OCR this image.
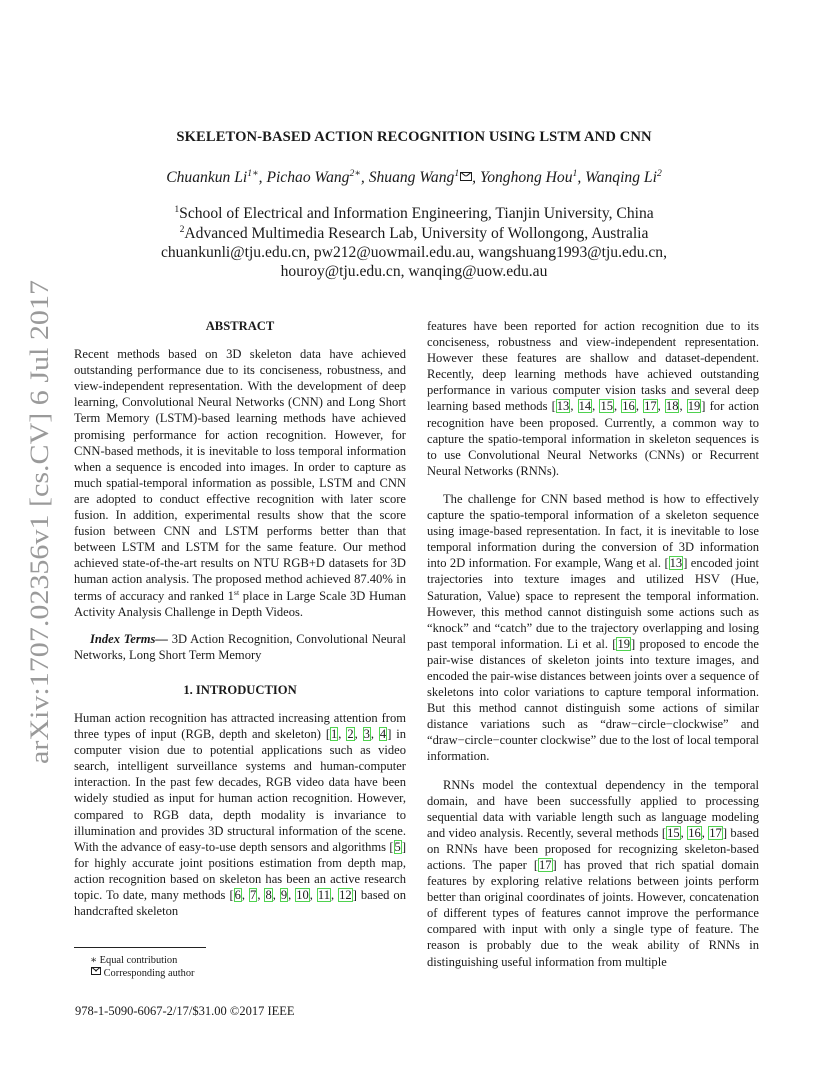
arXiv:1707.02356v1 [cs.CV] 6 Jul 2017
SKELETON-BASED ACTION RECOGNITION USING LSTM AND CNN
Chuankun $Li^{1∗}$, Pichao Wang$^{2∗}$, Shuang Wang$^1$ , Yonghong Hou$^1$, Wanqing Li$^2$
$^1$School of Electrical and Information Engineering, Tianjin University, China
$^2$Advanced Multimedia Research Lab, University of Wollongong, Australia
chuankunli@tju.edu.cn, pw212@uowmail.edu.au, wangshuang1993@tju.edu.cn,
houroy@tju.edu.cn, wanqing@uow.edu.au
ABSTRACT

Recent methods based on 3D skeleton data have achieved outstanding performance due to its conciseness, robustness, and view-independent representation. With the development of deep learning, Convolutional Neural Networks (CNN) and Long Short Term Memory (LSTM)-based learning methods have achieved promising performance for action recognition. However, for CNN-based methods, it is inevitable to loss temporal information when a sequence is encoded into images. In order to capture as much spatial-temporal information as possible, LSTM and CNN are adopted to conduct effective recognition with later score fusion. In addition, experimental results show that the score fusion between CNN and LSTM performs better than that between LSTM and LSTM for the same feature. Our method achieved state-of-the-art results on NTU RGB+D datasets for 3D human action analysis. The proposed method achieved 87.40% in terms of accuracy and ranked 1st place in Large Scale 3D Human Activity Analysis Challenge in Depth Videos.

Index Terms— 3D Action Recognition, Convolutional Neural Networks, Long Short Term Memory

1. INTRODUCTION

Human action recognition has attracted increasing attention from three types of input (RGB, depth and skeleton) [1, 2, 3, 4] in computer vision due to potential applications such as video search, intelligent surveillance systems and human-computer interaction. In the past few decades, RGB video data have been widely studied as input for human action recognition. However, compared to RGB data, depth modality is invariance to illumination and provides 3D structural information of the scene. With the advance of easy-to-use depth sensors and algorithms [5] for highly accurate joint positions estimation from depth map, action recognition based on skeleton has been an active research topic. To date, many methods [6, 7, 8, 9, 10, 11, 12] based on handcrafted skeleton

∗ Equal contribution
Corresponding author
978-1-5090-6067-2/17/$31.00 ©2017 IEEE

features have been reported for action recognition due to its conciseness, robustness and view-independent representation. However these features are shallow and dataset-dependent. Recently, deep learning methods have achieved outstanding performance in various computer vision tasks and several deep learning based methods [13, 14, 15, 16, 17, 18, 19] for action recognition have been proposed. Currently, a common way to capture the spatio-temporal information in skeleton sequences is to use Convolutional Neural Networks (CNNs) or Recurrent Neural Networks (RNNs).

The challenge for CNN based method is how to effectively capture the spatio-temporal information of a skeleton sequence using image-based representation. In fact, it is inevitable to lose temporal information during the conversion of 3D information into 2D information. For example, Wang et al. [13] encoded joint trajectories into texture images and utilized HSV (Hue, Saturation, Value) space to represent the temporal information. However, this method cannot distinguish some actions such as “knock” and “catch” due to the trajectory overlapping and losing past temporal information. Li et al. [19] proposed to encode the pair-wise distances of skeleton joints into texture images, and encoded the pair-wise distances between joints over a sequence of skeletons into color variations to capture temporal information. But this method cannot distinguish some actions of similar distance variations such as “draw−circle−clockwise” and “draw−circle−counter clockwise” due to the lost of local temporal information.

RNNs model the contextual dependency in the temporal domain, and have been successfully applied to processing sequential data with variable length such as language modeling and video analysis. Recently, several methods [15, 16, 17] based on RNNs have been proposed for recognizing skeleton-based actions. The paper [17] has proved that rich spatial domain features by exploring relative relations between joints perform better than original coordinates of joints. However, concatenation of different types of features cannot improve the performance compared with input with only a single type of feature. The reason is probably due to the weak ability of RNNs in distinguishing useful information from multiple
